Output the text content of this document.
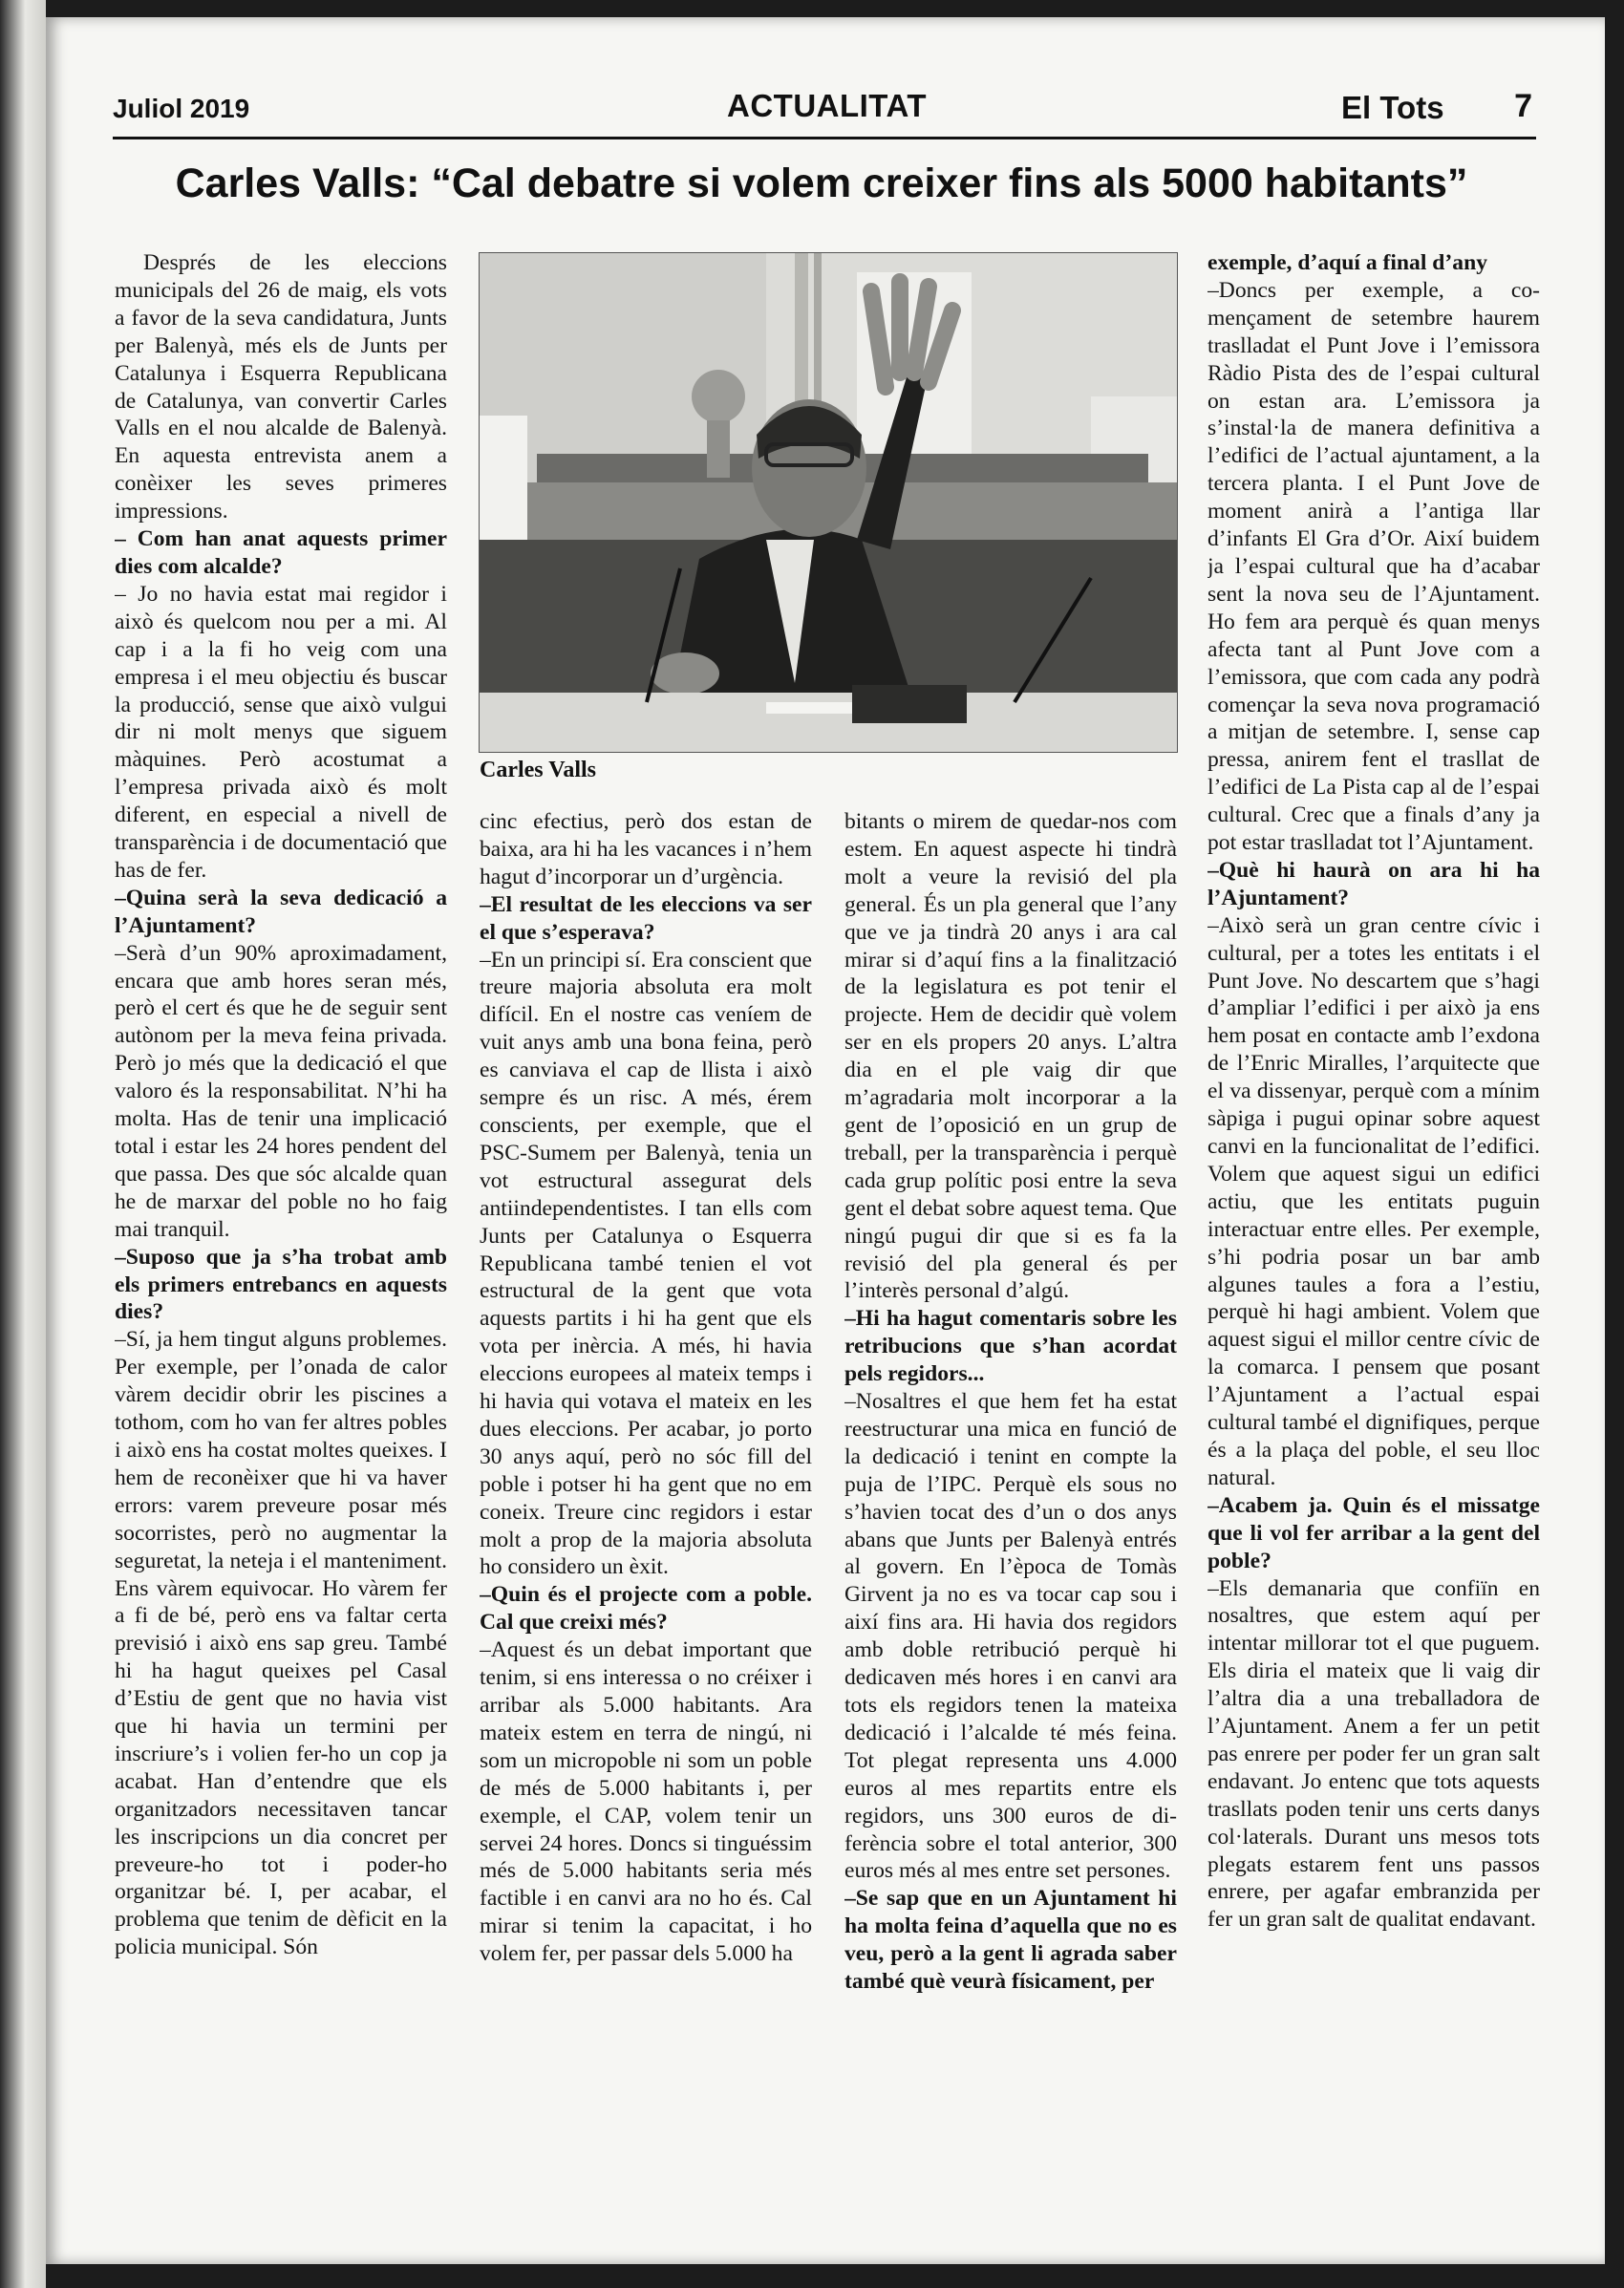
Juliol 2019	ACTUALITAT	El Tots 7
Carles Valls: “Cal debatre si volem creixer fins als 5000 habitants”
Carles Valls

Després de les eleccions municipals del 26 de maig, els vots a favor de la seva candidatura, Junts per Balenyà, més els de Junts per Catalunya i Esquerra Republicana de Catalunya, van convertir Carles Valls en el nou alcalde de Balenyà. En aquesta entrevista anem a conèixer les seves primeres impressions.

– Com han anat aquests primer dies com alcalde?

– Jo no havia estat mai regidor i això és quelcom nou per a mi. Al cap i a la fi ho veig com una empresa i el meu objectiu és buscar la producció, sense que això vulgui dir ni molt menys que siguem màquines. Però acostumat a l’empresa privada això és molt diferent, en especial a nivell de transparència i de documentació que has de fer.

–Quina serà la seva dedicació a l’Ajuntament?

–Serà d’un 90% aproximadament, encara que amb hores seran més, però el cert és que he de seguir sent autònom per la meva feina privada. Però jo més que la dedicació el que valoro és la responsabilitat. N’hi ha molta. Has de tenir una implicació total i estar les 24 hores pendent del que passa. Des que sóc alcalde quan he de marxar del poble no ho faig mai tranquil.

–Suposo que ja s’ha trobat amb els primers entrebancs en aquests dies?

–Sí, ja hem tingut alguns problemes. Per exemple, per l’onada de calor vàrem decidir obrir les piscines a tothom, com ho van fer altres pobles i això ens ha costat moltes queixes. I hem de reconèixer que hi va haver errors: varem preveure posar més socorristes, però no augmentar la seguretat, la neteja i el manteniment. Ens vàrem equivocar. Ho vàrem fer a fi de bé, però ens va faltar certa previsió i això ens sap greu. També hi ha hagut queixes pel Casal d’Estiu de gent que no havia vist que hi havia un termini per inscriure’s i volien fer-ho un cop ja acabat. Han d’entendre que els organitzadors necessitaven tancar les inscripcions un dia concret per preveure-ho tot i poder-ho organitzar bé. I, per acabar, el problema que tenim de dèficit en la policia municipal. Són

cinc efectius, però dos estan de baixa, ara hi ha les vacances i n’hem hagut d’incorporar un d’urgència.

–El resultat de les eleccions va ser el que s’esperava?

–En un principi sí. Era conscient que treure majoria absoluta era molt difícil. En el nostre cas veníem de vuit anys amb una bona feina, però es canviava el cap de llista i això sempre és un risc. A més, érem conscients, per exemple, que el PSC-Sumem per Balenyà, tenia un vot estructural assegurat dels antiindependentistes. I tan ells com Junts per Catalunya o Esquerra Republicana també tenien el vot estructural de la gent que vota aquests partits i hi ha gent que els vota per inèrcia. A més, hi havia eleccions europees al mateix temps i hi havia qui votava el mateix en les dues eleccions. Per acabar, jo porto 30 anys aquí, però no sóc fill del poble i potser hi ha gent que no em coneix. Treure cinc regidors i estar molt a prop de la majoria absoluta ho considero un èxit.

–Quin és el projecte com a poble. Cal que creixi més?

–Aquest és un debat important que tenim, si ens interessa o no créixer i arribar als 5.000 habitants. Ara mateix estem en terra de ningú, ni som un micropoble ni som un poble de més de 5.000 habitants i, per exemple, el CAP, volem tenir un servei 24 hores. Doncs si tinguéssim més de 5.000 habitants seria més factible i en canvi ara no ho és. Cal mirar si tenim la capacitat, i ho volem fer, per passar dels 5.000 ha

bitants o mirem de quedar-nos com estem. En aquest aspecte hi tindrà molt a veure la revisió del pla general. És un pla general que l’any que ve ja tindrà 20 anys i ara cal mirar si d’aquí fins a la finalització de la legislatura es pot tenir el projecte. Hem de decidir què volem ser en els propers 20 anys. L’altra dia en el ple vaig dir que m’agradaria molt incorporar a la gent de l’oposició en un grup de treball, per la transparència i perquè cada grup polític posi entre la seva gent el debat sobre aquest tema. Que ningú pugui dir que si es fa la revisió del pla general és per l’interès personal d’algú.

–Hi ha hagut comentaris sobre les retribucions que s’han acordat pels regidors...

–Nosaltres el que hem fet ha estat reestructurar una mica en funció de la dedicació i tenint en compte la puja de l’IPC. Perquè els sous no s’havien tocat des d’un o dos anys abans que Junts per Balenyà entrés al govern. En l’època de Tomàs Girvent ja no es va tocar cap sou i així fins ara. Hi havia dos regidors amb doble retribució perquè hi dedicaven més hores i en canvi ara tots els regidors tenen la mateixa dedicació i l’alcalde té més feina. Tot plegat representa uns 4.000 euros al mes repartits entre els regidors, uns 300 euros de diferència sobre el total anterior, 300 euros més al mes entre set persones.

–Se sap que en un Ajuntament hi ha molta feina d’aquella que no es veu, però a la gent li agrada saber també què veurà físicament, per

exemple, d’aquí a final d’any

–Doncs per exemple, a començament de setembre haurem traslladat el Punt Jove i l’emissora Ràdio Pista des de l’espai cultural on estan ara. L’emissora ja s’instal·la de manera definitiva a l’edifici de l’actual ajuntament, a la tercera planta. I el Punt Jove de moment anirà a l’antiga llar d’infants El Gra d’Or. Així buidem ja l’espai cultural que ha d’acabar sent la nova seu de l’Ajuntament. Ho fem ara perquè és quan menys afecta tant al Punt Jove com a l’emissora, que com cada any podrà començar la seva nova programació a mitjan de setembre. I, sense cap pressa, anirem fent el trasllat de l’edifici de La Pista cap al de l’espai cultural. Crec que a finals d’any ja pot estar traslladat tot l’Ajuntament.

–Què hi haurà on ara hi ha l’Ajuntament?

–Això serà un gran centre cívic i cultural, per a totes les entitats i el Punt Jove. No descartem que s’hagi d’ampliar l’edifici i per això ja ens hem posat en contacte amb l’exdona de l’Enric Miralles, l’arquitecte que el va dissenyar, perquè com a mínim sàpiga i pugui opinar sobre aquest canvi en la funcionalitat de l’edifici. Volem que aquest sigui un edifici actiu, que les entitats puguin interactuar entre elles. Per exemple, s’hi podria posar un bar amb algunes taules a fora a l’estiu, perquè hi hagi ambient. Volem que aquest sigui el millor centre cívic de la comarca. I pensem que posant l’Ajuntament a l’actual espai cultural també el dignifiques, perque és a la plaça del poble, el seu lloc natural.

–Acabem ja. Quin és el missatge que li vol fer arribar a la gent del poble?

–Els demanaria que confiïn en nosaltres, que estem aquí per intentar millorar tot el que puguem. Els diria el mateix que li vaig dir l’altra dia a una treballadora de l’Ajuntament. Anem a fer un petit pas enrere per poder fer un gran salt endavant. Jo entenc que tots aquests trasllats poden tenir uns certs danys col·laterals. Durant uns mesos tots plegats estarem fent uns passos enrere, per agafar embranzida per fer un gran salt de qualitat endavant.
